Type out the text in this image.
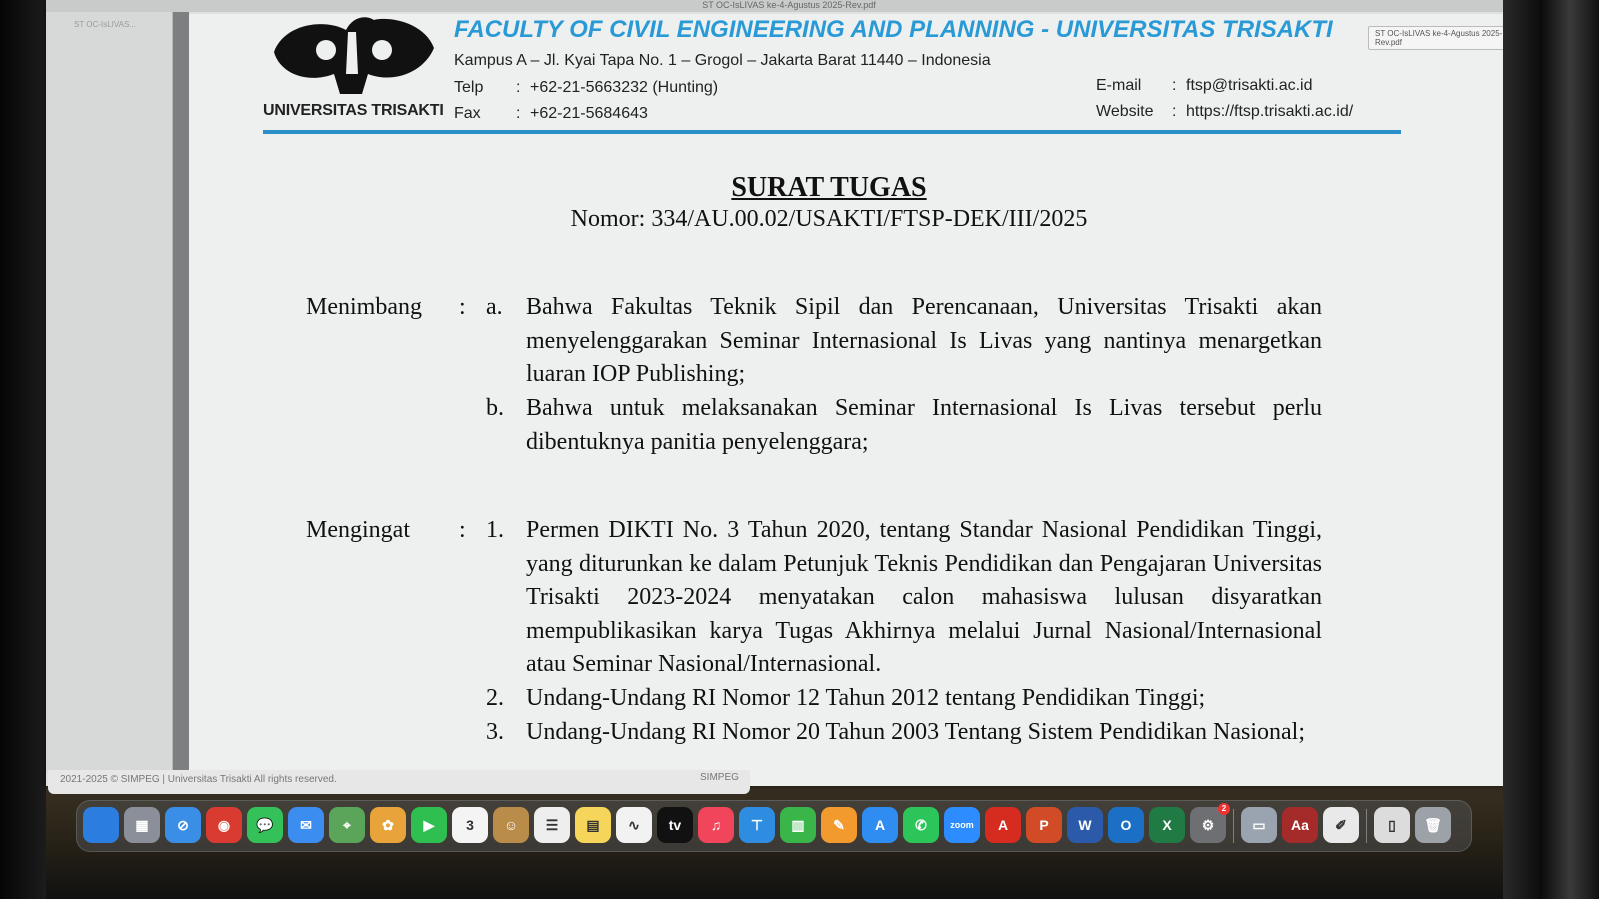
ST OC-IsLIVAS ke-4-Agustus 2025-Rev.pdf
ST OC-IsLIVAS...
UNIVERSITAS TRISAKTI
FACULTY OF CIVIL ENGINEERING AND PLANNING - UNIVERSITAS TRISAKTI
Kampus A – Jl. Kyai Tapa No. 1 – Grogol – Jakarta Barat 11440 – Indonesia
Telp : +62-21-5663232 (Hunting)
Fax : +62-21-5684643
E-mail : ftsp@trisakti.ac.id
Website : https://ftsp.trisakti.ac.id/
SURAT TUGAS
Nomor: 334/AU.00.02/USAKTI/FTSP-DEK/III/2025
Menimbang : a. Bahwa Fakultas Teknik Sipil dan Perencanaan, Universitas Trisakti akan menyelenggarakan Seminar Internasional Is Livas yang nantinya menargetkan luaran IOP Publishing;
b. Bahwa untuk melaksanakan Seminar Internasional Is Livas tersebut perlu dibentuknya panitia penyelenggara;
Mengingat : 1. Permen DIKTI No. 3 Tahun 2020, tentang Standar Nasional Pendidikan Tinggi, yang diturunkan ke dalam Petunjuk Teknis Pendidikan dan Pengajaran Universitas Trisakti 2023-2024 menyatakan calon mahasiswa lulusan disyaratkan mempublikasikan karya Tugas Akhirnya melalui Jurnal Nasional/Internasional atau Seminar Nasional/Internasional.
2. Undang-Undang RI Nomor 12 Tahun 2012 tentang Pendidikan Tinggi;
3. Undang-Undang RI Nomor 20 Tahun 2003 Tentang Sistem Pendidikan Nasional;
ST OC-IsLIVAS ke-4-Agustus 2025-Rev.pdf
2021-2025 © SIMPEG | Universitas Trisakti All rights reserved.	SIMPEG
▦	⊘	◉	💬	✉	⌖	✿	▶	3	☺	☰	▤	∿	tv	♫	⊤	▥	✎	A	✆	zoom	A	P	W	O	X	⚙
2
▭	Aa	✐	▯	🗑
